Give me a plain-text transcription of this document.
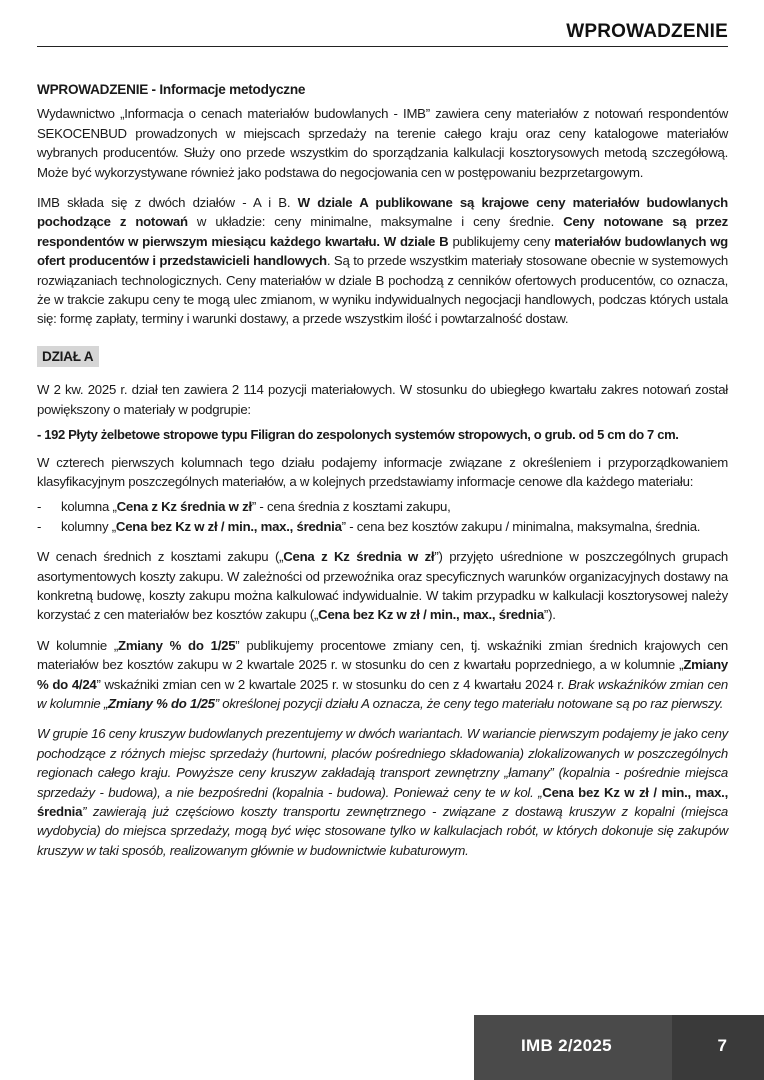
WPROWADZENIE
WPROWADZENIE - Informacje metodyczne

Wydawnictwo „Informacja o cenach materiałów budowlanych - IMB” zawiera ceny materiałów z notowań respondentów SEKOCENBUD prowadzonych w miejscach sprzedaży na terenie całego kraju oraz ceny katalogowe materiałów wybranych producentów. Służy ono przede wszystkim do sporządzania kalkulacji kosztorysowych metodą szczegółową. Może być wykorzystywane również jako podstawa do negocjowania cen w postępowaniu bezprzetargowym.

IMB składa się z dwóch działów - A i B. W dziale A publikowane są krajowe ceny materiałów budowlanych pochodzące z notowań w układzie: ceny minimalne, maksymalne i ceny średnie. Ceny notowane są przez respondentów w pierwszym miesiącu każdego kwartału. W dziale B publikujemy ceny materiałów budowlanych wg ofert producentów i przedstawicieli handlowych. Są to przede wszystkim materiały stosowane obecnie w systemowych rozwiązaniach technologicznych. Ceny materiałów w dziale B pochodzą z cenników ofertowych producentów, co oznacza, że w trakcie zakupu ceny te mogą ulec zmianom, w wyniku indywidualnych negocjacji handlowych, podczas których ustala się: formę zapłaty, terminy i warunki dostawy, a przede wszystkim ilość i powtarzalność dostaw.

DZIAŁ A

W 2 kw. 2025 r. dział ten zawiera 2 114 pozycji materiałowych. W stosunku do ubiegłego kwartału zakres notowań został powiększony o materiały w podgrupie:

- 192 Płyty żelbetowe stropowe typu Filigran do zespolonych systemów stropowych, o grub. od 5 cm do 7 cm.

W czterech pierwszych kolumnach tego działu podajemy informacje związane z określeniem i przyporządkowaniem klasyfikacyjnym poszczególnych materiałów, a w kolejnych przedstawiamy informacje cenowe dla każdego materiału:

- kolumna „Cena z Kz średnia w zł” - cena średnia z kosztami zakupu,
- kolumny „Cena bez Kz w zł / min., max., średnia” - cena bez kosztów zakupu / minimalna, maksymalna, średnia.

W cenach średnich z kosztami zakupu („Cena z Kz średnia w zł”) przyjęto uśrednione w poszczególnych grupach asortymentowych koszty zakupu. W zależności od przewoźnika oraz specyficznych warunków organizacyjnych dostawy na konkretną budowę, koszty zakupu można kalkulować indywidualnie. W takim przypadku w kalkulacji kosztorysowej należy korzystać z cen materiałów bez kosztów zakupu („Cena bez Kz w zł / min., max., średnia”).

W kolumnie „Zmiany % do 1/25” publikujemy procentowe zmiany cen, tj. wskaźniki zmian średnich krajowych cen materiałów bez kosztów zakupu w 2 kwartale 2025 r. w stosunku do cen z kwartału poprzedniego, a w kolumnie „Zmiany % do 4/24” wskaźniki zmian cen w 2 kwartale 2025 r. w stosunku do cen z 4 kwartału 2024 r. Brak wskaźników zmian cen w kolumnie „Zmiany % do 1/25” określonej pozycji działu A oznacza, że ceny tego materiału notowane są po raz pierwszy.

W grupie 16 ceny kruszyw budowlanych prezentujemy w dwóch wariantach. W wariancie pierwszym podajemy je jako ceny pochodzące z różnych miejsc sprzedaży (hurtowni, placów pośredniego składowania) zlokalizowanych w poszczególnych regionach całego kraju. Powyższe ceny kruszyw zakładają transport zewnętrzny „łamany” (kopalnia - pośrednie miejsca sprzedaży - budowa), a nie bezpośredni (kopalnia - budowa). Ponieważ ceny te w kol. „Cena bez Kz w zł / min., max., średnia” zawierają już częściowo koszty transportu zewnętrznego - związane z dostawą kruszyw z kopalni (miejsca wydobycia) do miejsca sprzedaży, mogą być więc stosowane tylko w kalkulacjach robót, w których dokonuje się zakupów kruszyw w taki sposób, realizowanym głównie w budownictwie kubaturowym.

IMB 2/2025	7
